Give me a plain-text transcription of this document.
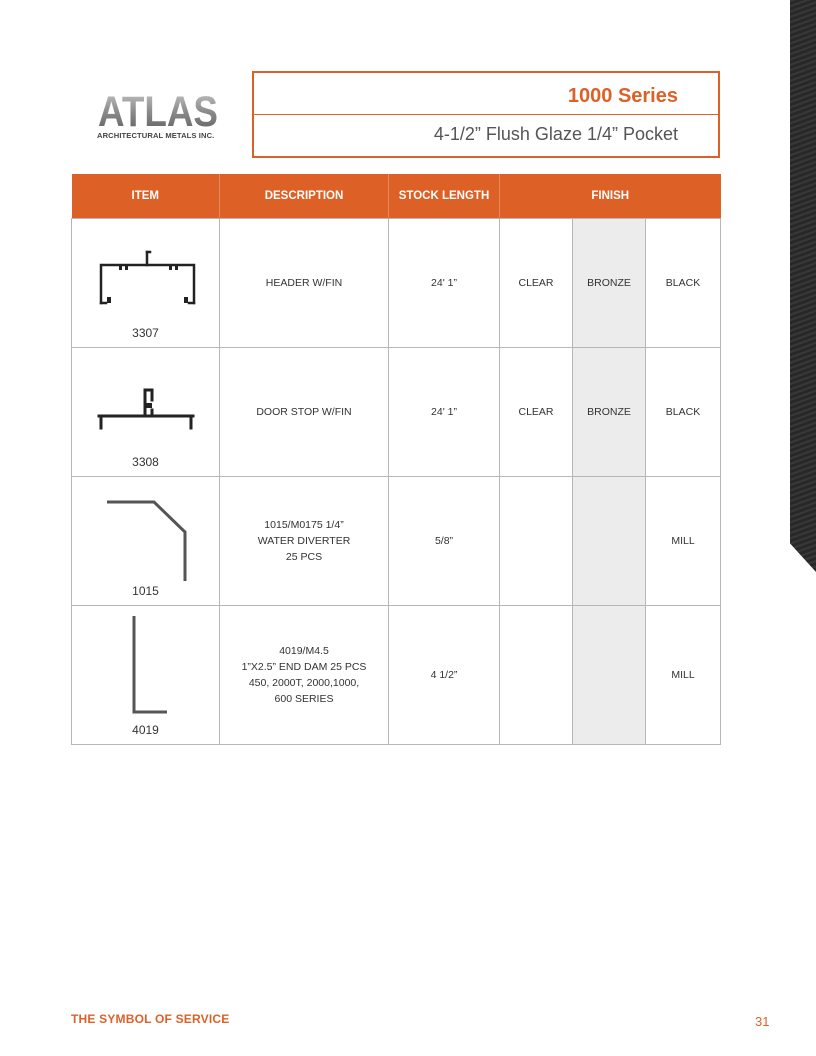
ATLAS
ARCHITECTURAL METALS INC.
1000 Series
4-1/2” Flush Glaze 1/4” Pocket
ITEM	DESCRIPTION	STOCK LENGTH	FINISH		

3307	HEADER W/FIN	24' 1”	CLEAR	BRONZE	BLACK

3308	DOOR STOP W/FIN	24' 1”	CLEAR	BRONZE	BLACK

1015	1015/M0175 1/4”
WATER DIVERTER
25 PCS	5/8”			MILL

4019	4019/M4.5
1”X2.5” END DAM 25 PCS
450, 2000T, 2000,1000,
600 SERIES	4 1/2”			MILL
THE SYMBOL OF SERVICE	31
